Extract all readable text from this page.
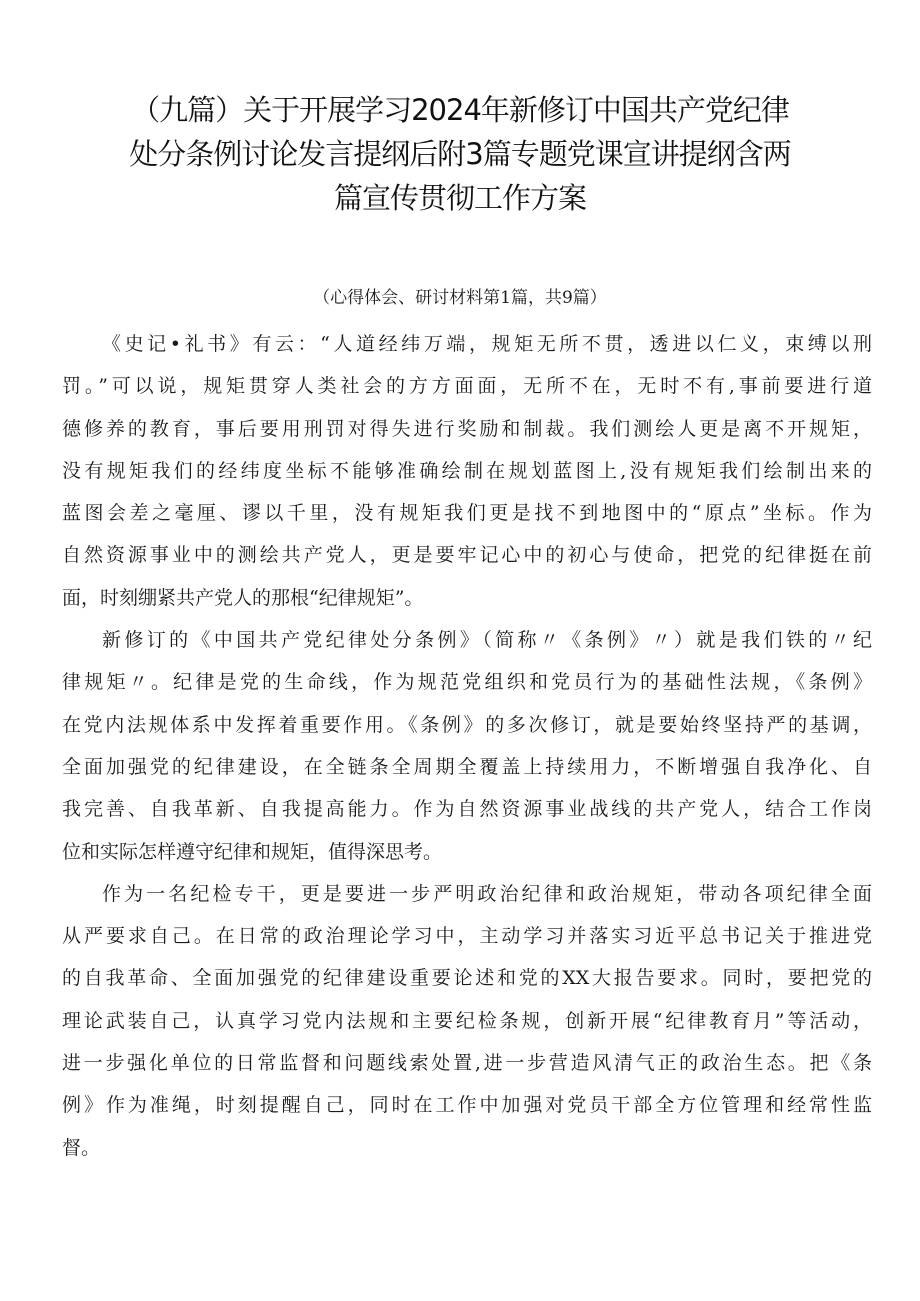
（九篇）关于开展学习2024年新修订中国共产党纪律
处分条例讨论发言提纲后附3篇专题党课宣讲提纲含两
篇宣传贯彻工作方案
（心得体会、研讨材料第1篇，共9篇）
《史记•礼书》有云：“人道经纬万端，规矩无所不贯，透进以仁义，束缚以刑
罚。”可以说，规矩贯穿人类社会的方方面面，无所不在，无时不有,事前要进行道
德修养的教育，事后要用刑罚对得失进行奖励和制裁。我们测绘人更是离不开规矩，
没有规矩我们的经纬度坐标不能够准确绘制在规划蓝图上,没有规矩我们绘制出来的
蓝图会差之毫厘、谬以千里，没有规矩我们更是找不到地图中的“原点”坐标。作为
自然资源事业中的测绘共产党人，更是要牢记心中的初心与使命，把党的纪律挺在前
面，时刻绷紧共产党人的那根“纪律规矩”。
新修订的《中国共产党纪律处分条例》（简称〃《条例》〃）就是我们铁的〃纪
律规矩〃。纪律是党的生命线，作为规范党组织和党员行为的基础性法规，《条例》
在党内法规体系中发挥着重要作用。《条例》的多次修订，就是要始终坚持严的基调，
全面加强党的纪律建设，在全链条全周期全覆盖上持续用力，不断增强自我净化、自
我完善、自我革新、自我提高能力。作为自然资源事业战线的共产党人，结合工作岗
位和实际怎样遵守纪律和规矩，值得深思考。
作为一名纪检专干，更是要进一步严明政治纪律和政治规矩，带动各项纪律全面
从严要求自己。在日常的政治理论学习中，主动学习并落实习近平总书记关于推进党
的自我革命、全面加强党的纪律建设重要论述和党的XX大报告要求。同时，要把党的
理论武装自己，认真学习党内法规和主要纪检条规，创新开展“纪律教育月”等活动，
进一步强化单位的日常监督和问题线索处置,进一步营造风清气正的政治生态。把《条
例》作为准绳，时刻提醒自己，同时在工作中加强对党员干部全方位管理和经常性监
督。
